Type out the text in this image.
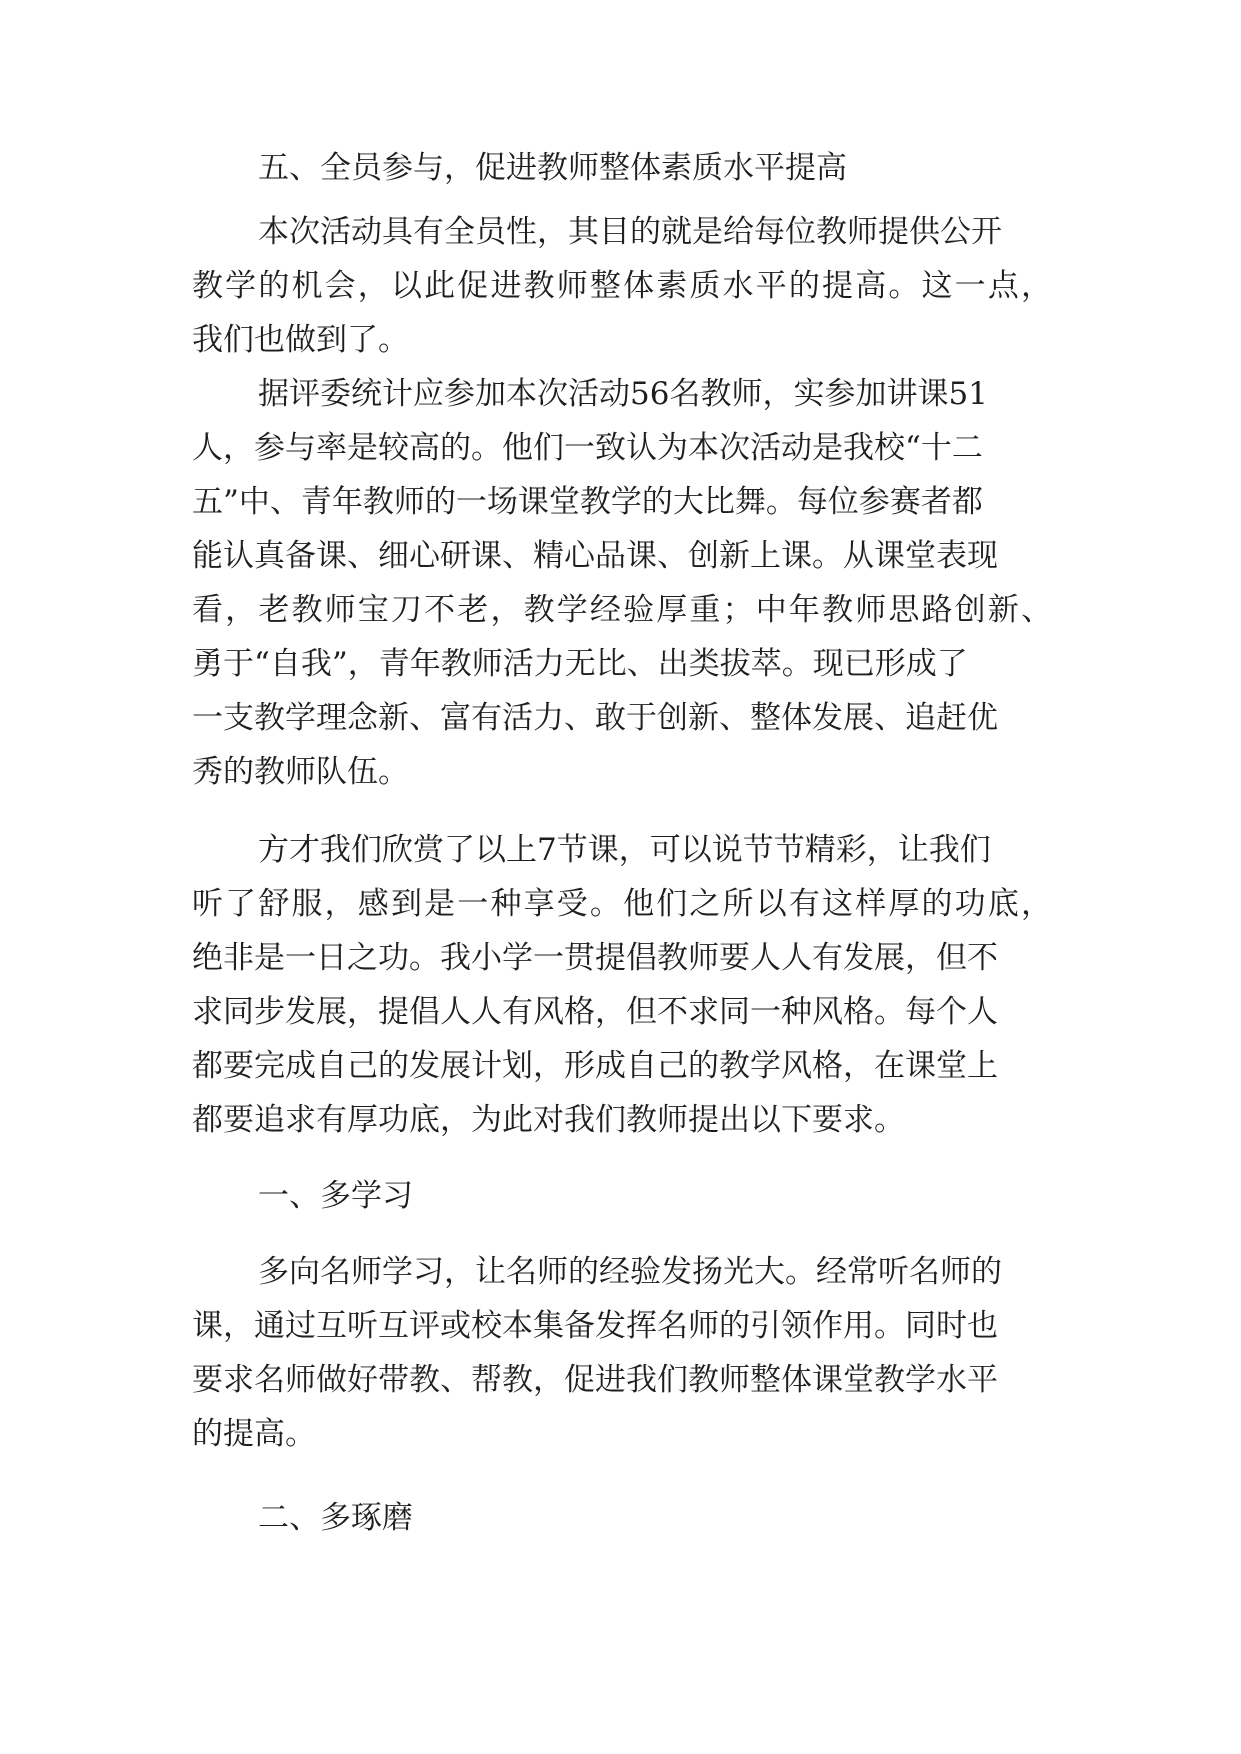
五、全员参与，促进教师整体素质水平提高

本次活动具有全员性，其目的就是给每位教师提供公开

教学的机会，以此促进教师整体素质水平的提高。这一点，

我们也做到了。

据评委统计应参加本次活动56名教师，实参加讲课51

人，参与率是较高的。他们一致认为本次活动是我校“十二

五”中、青年教师的一场课堂教学的大比舞。每位参赛者都

能认真备课、细心研课、精心品课、创新上课。从课堂表现

看，老教师宝刀不老，教学经验厚重；中年教师思路创新、

勇于“自我”，青年教师活力无比、出类拔萃。现已形成了

一支教学理念新、富有活力、敢于创新、整体发展、追赶优

秀的教师队伍。

方才我们欣赏了以上7节课，可以说节节精彩，让我们

听了舒服，感到是一种享受。他们之所以有这样厚的功底，

绝非是一日之功。我小学一贯提倡教师要人人有发展，但不

求同步发展，提倡人人有风格，但不求同一种风格。每个人

都要完成自己的发展计划，形成自己的教学风格，在课堂上

都要追求有厚功底，为此对我们教师提出以下要求。

一、多学习

多向名师学习，让名师的经验发扬光大。经常听名师的

课，通过互听互评或校本集备发挥名师的引领作用。同时也

要求名师做好带教、帮教，促进我们教师整体课堂教学水平

的提高。

二、多琢磨
